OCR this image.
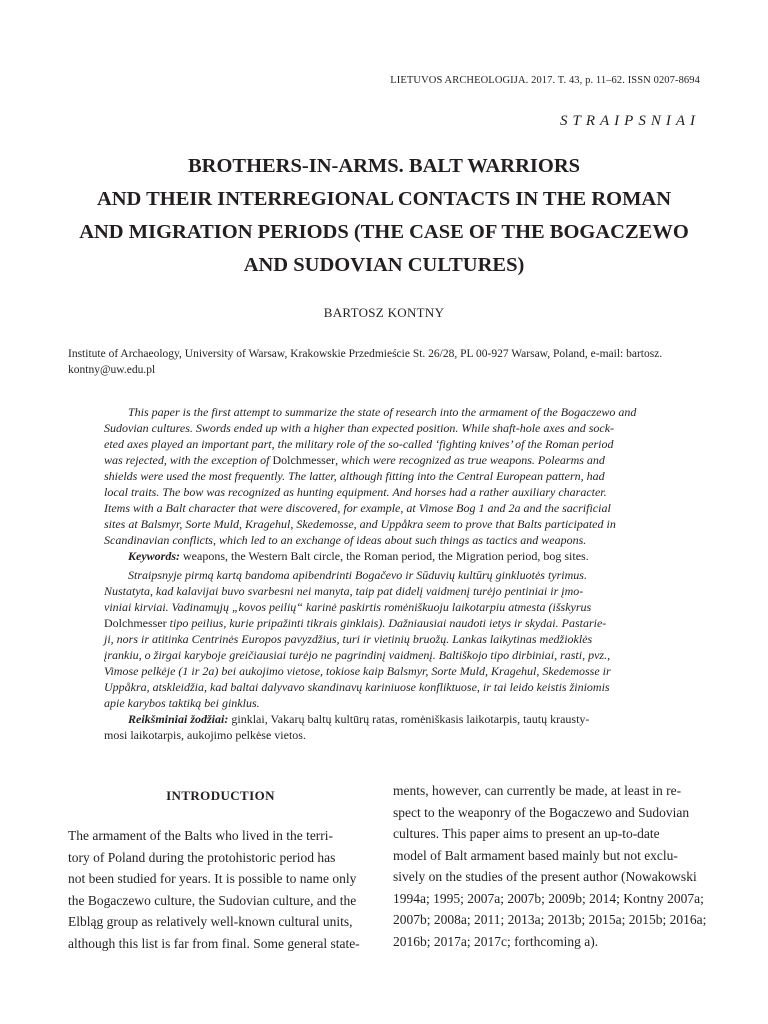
LIETUVOS ARCHEOLOGIJA. 2017. T. 43, p. 11–62. ISSN 0207-8694
STRAIPSNIAI
BROTHERS-IN-ARMS. BALT WARRIORS
AND THEIR INTERREGIONAL CONTACTS IN THE ROMAN
AND MIGRATION PERIODS (THE CASE OF THE BOGACZEWO
AND SUDOVIAN CULTURES)
BARTOSZ KONTNY
Institute of Archaeology, University of Warsaw, Krakowskie Przedmieście St. 26/28, PL 00-927 Warsaw, Poland, e-mail: bartosz.
kontny@uw.edu.pl
This paper is the first attempt to summarize the state of research into the armament of the Bogaczewo and
Sudovian cultures. Swords ended up with a higher than expected position. While shaft-hole axes and sock-
eted axes played an important part, the military role of the so-called ‘fighting knives’ of the Roman period
was rejected, with the exception of Dolchmesser, which were recognized as true weapons. Polearms and
shields were used the most frequently. The latter, although fitting into the Central European pattern, had
local traits. The bow was recognized as hunting equipment. And horses had a rather auxiliary character.
Items with a Balt character that were discovered, for example, at Vimose Bog 1 and 2a and the sacrificial
sites at Balsmyr, Sorte Muld, Kragehul, Skedemosse, and Uppåkra seem to prove that Balts participated in
Scandinavian conflicts, which led to an exchange of ideas about such things as tactics and weapons.
Keywords: weapons, the Western Balt circle, the Roman period, the Migration period, bog sites.
Straipsnyje pirmą kartą bandoma apibendrinti Bogačevo ir Sūduvių kultūrų ginkluotės tyrimus.
Nustatyta, kad kalavijai buvo svarbesni nei manyta, taip pat didelį vaidmenį turėjo pentiniai ir įmo-
viniai kirviai. Vadinamųjų „kovos peilių“ karinė paskirtis romėniškuoju laikotarpiu atmesta (išskyrus
Dolchmesser tipo peilius, kurie pripažinti tikrais ginklais). Dažniausiai naudoti ietys ir skydai. Pastarie-
ji, nors ir atitinka Centrinės Europos pavyzdžius, turi ir vietinių bruožų. Lankas laikytinas medžioklės
įrankiu, o žirgai karyboje greičiausiai turėjo ne pagrindinį vaidmenį. Baltiškojo tipo dirbiniai, rasti, pvz.,
Vimose pelkėje (1 ir 2a) bei aukojimo vietose, tokiose kaip Balsmyr, Sorte Muld, Kragehul, Skedemosse ir
Uppåkra, atskleidžia, kad baltai dalyvavo skandinavų kariniuose konfliktuose, ir tai leido keistis žiniomis
apie karybos taktiką bei ginklus.
Reikšminiai žodžiai: ginklai, Vakarų baltų kultūrų ratas, romėniškasis laikotarpis, tautų krausty-
mosi laikotarpis, aukojimo pelkėse vietos.
INTRODUCTION
The armament of the Balts who lived in the terri-
tory of Poland during the protohistoric period has
not been studied for years. It is possible to name only
the Bogaczewo culture, the Sudovian culture, and the
Elbląg group as relatively well-known cultural units,
although this list is far from final. Some general state-
ments, however, can currently be made, at least in re-
spect to the weaponry of the Bogaczewo and Sudovian
cultures. This paper aims to present an up-to-date
model of Balt armament based mainly but not exclu-
sively on the studies of the present author (Nowakowski
1994a; 1995; 2007a; 2007b; 2009b; 2014; Kontny 2007a;
2007b; 2008a; 2011; 2013a; 2013b; 2015a; 2015b; 2016a;
2016b; 2017a; 2017c; forthcoming a).
